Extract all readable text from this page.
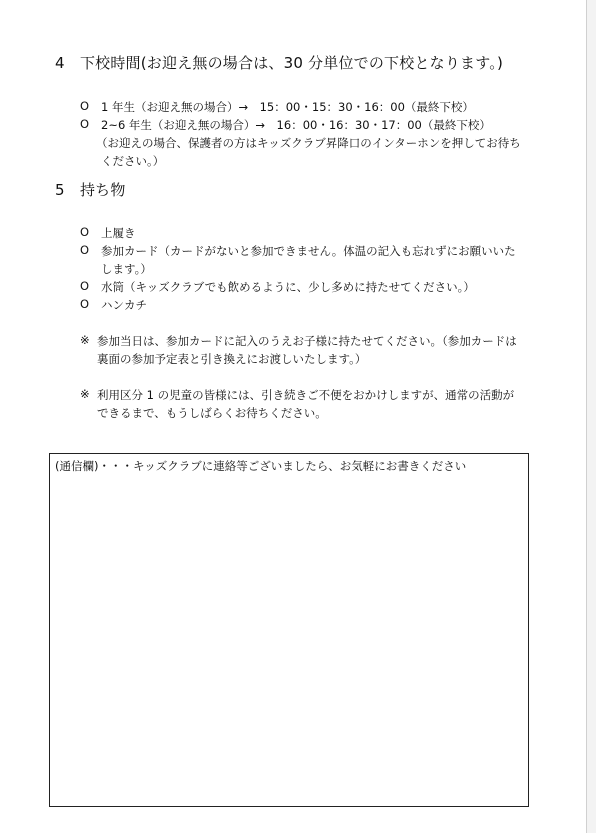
4　下校時間(お迎え無の場合は、30 分単位での下校となります。)
O 1 年生（お迎え無の場合）→　15：00・15：30・16：00（最終下校）
O 2~6 年生（お迎え無の場合）→　16：00・16：30・17：00（最終下校）
（お迎えの場合、保護者の方はキッズクラブ昇降口のインターホンを押してお待ち
ください。）
5　持ち物
O 上履き
O 参加カード（カードがないと参加できません。体温の記入も忘れずにお願いいた
します。）
O 水筒（キッズクラブでも飲めるように、少し多めに持たせてください。）
O ハンカチ
※ 参加当日は、参加カードに記入のうえお子様に持たせてください。（参加カードは
裏面の参加予定表と引き換えにお渡しいたします。）
※ 利用区分 1 の児童の皆様には、引き続きご不便をおかけしますが、通常の活動が
できるまで、もうしばらくお待ちください。
(通信欄)・・・キッズクラブに連絡等ございましたら、お気軽にお書きください
